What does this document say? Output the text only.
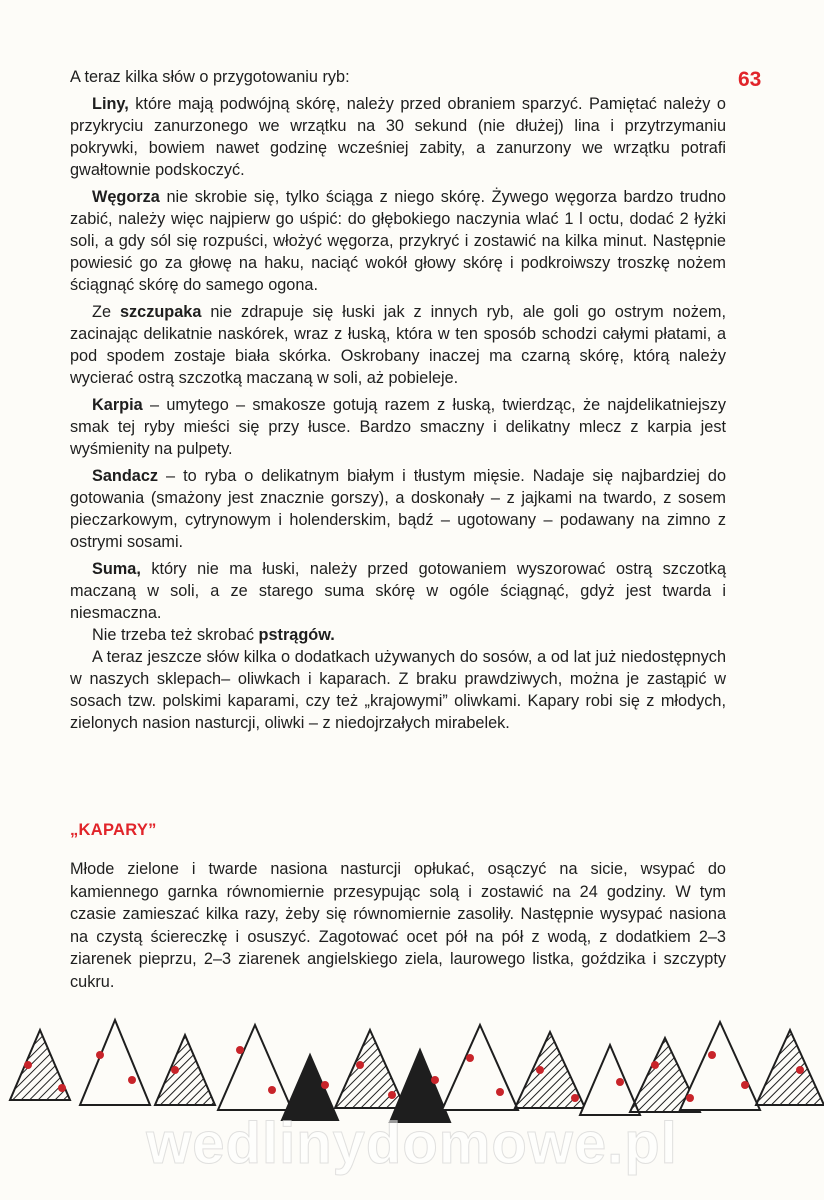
63

A teraz kilka słów o przygotowaniu ryb:

Liny, które mają podwójną skórę, należy przed obraniem sparzyć. Pamiętać należy o przykryciu zanurzonego we wrzątku na 30 sekund (nie dłużej) lina i przytrzymaniu pokrywki, bowiem nawet godzinę wcześniej zabity, a zanurzony we wrzątku potrafi gwałtownie podskoczyć.

Węgorza nie skrobie się, tylko ściąga z niego skórę. Żywego węgorza bardzo trudno zabić, należy więc najpierw go uśpić: do głębokiego naczynia wlać 1 l octu, dodać 2 łyżki soli, a gdy sól się rozpuści, włożyć węgorza, przykryć i zostawić na kilka minut. Następnie powiesić go za głowę na haku, naciąć wokół głowy skórę i podkroiwszy troszkę nożem ściągnąć skórę do samego ogona.

Ze szczupaka nie zdrapuje się łuski jak z innych ryb, ale goli go ostrym nożem, zacinając delikatnie naskórek, wraz z łuską, która w ten sposób schodzi całymi płatami, a pod spodem zostaje biała skórka. Oskrobany inaczej ma czarną skórę, którą należy wycierać ostrą szczotką maczaną w soli, aż pobieleje.

Karpia – umytego – smakosze gotują razem z łuską, twierdząc, że najdelikatniejszy smak tej ryby mieści się przy łusce. Bardzo smaczny i delikatny mlecz z karpia jest wyśmienity na pulpety.

Sandacz – to ryba o delikatnym białym i tłustym mięsie. Nadaje się najbardziej do gotowania (smażony jest znacznie gorszy), a doskonały – z jajkami na twardo, z sosem pieczarkowym, cytrynowym i holenderskim, bądź – ugotowany – podawany na zimno z ostrymi sosami.

Suma, który nie ma łuski, należy przed gotowaniem wyszorować ostrą szczotką maczaną w soli, a ze starego suma skórę w ogóle ściągnąć, gdyż jest twarda i niesmaczna.

Nie trzeba też skrobać pstrągów.

A teraz jeszcze słów kilka o dodatkach używanych do sosów, a od lat już niedostępnych w naszych sklepach– oliwkach i kaparach. Z braku prawdziwych, można je zastąpić w sosach tzw. polskimi kaparami, czy też „krajowymi” oliwkami. Kapary robi się z młodych, zielonych nasion nasturcji, oliwki – z niedojrzałych mirabelek.

„KAPARY”

Młode zielone i twarde nasiona nasturcji opłukać, osączyć na sicie, wsypać do kamiennego garnka równomiernie przesypując solą i zostawić na 24 godziny. W tym czasie zamieszać kilka razy, żeby się równomiernie zasoliły. Następnie wysypać nasiona na czystą ściereczkę i osuszyć. Zagotować ocet pół na pół z wodą, z dodatkiem 2–3 ziarenek pieprzu, 2–3 ziarenek angielskiego ziela, laurowego listka, goździka i szczypty cukru.

wedlinydomowe.pl
